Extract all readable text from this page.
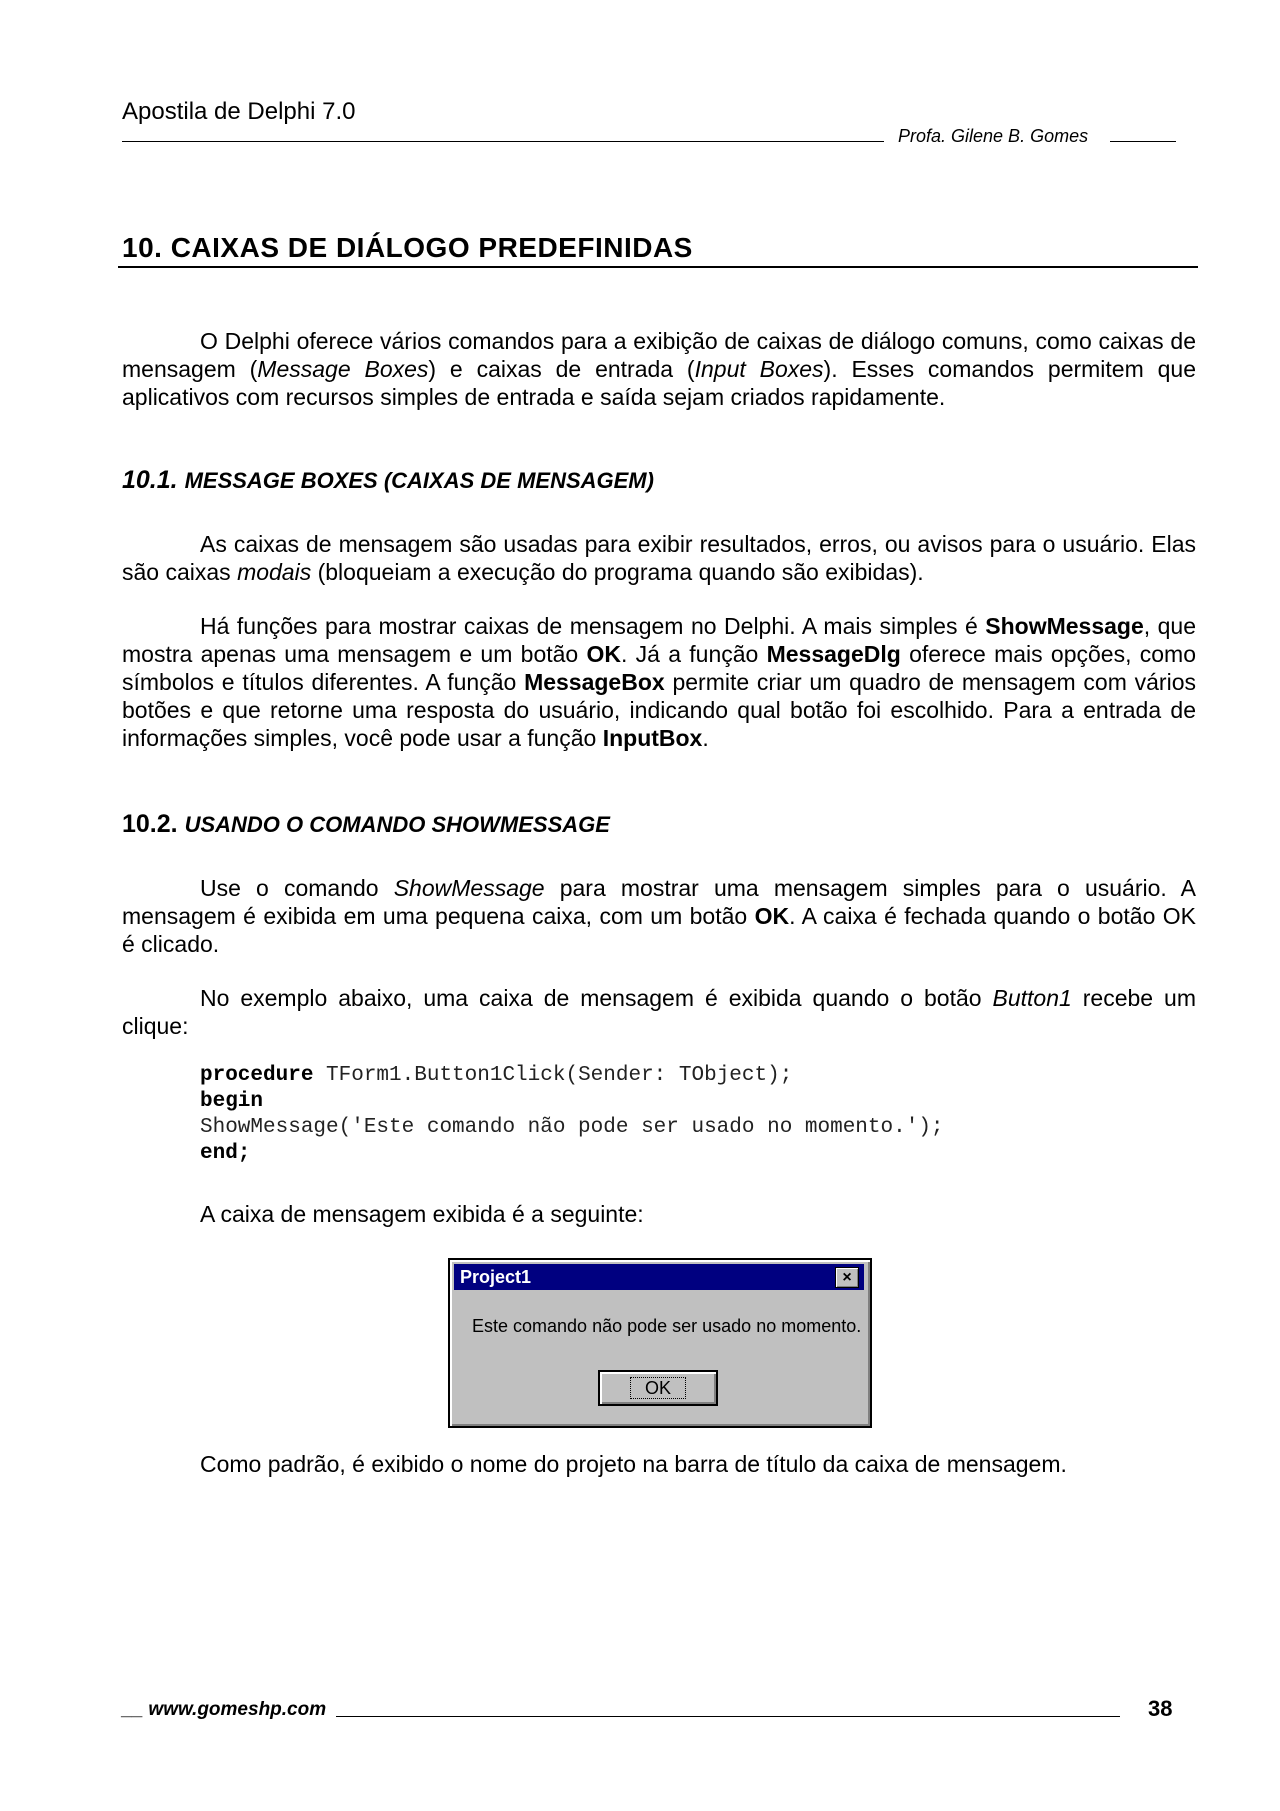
Apostila de Delphi 7.0
Profa. Gilene B. Gomes
10. CAIXAS DE DIÁLOGO PREDEFINIDAS
O Delphi oferece vários comandos para a exibição de caixas de diálogo comuns, como caixas de mensagem (Message Boxes) e caixas de entrada (Input Boxes). Esses comandos permitem que aplicativos com recursos simples de entrada e saída sejam criados rapidamente.
10.1. MESSAGE BOXES (CAIXAS DE MENSAGEM)
As caixas de mensagem são usadas para exibir resultados, erros, ou avisos para o usuário. Elas são caixas modais (bloqueiam a execução do programa quando são exibidas).
Há funções para mostrar caixas de mensagem no Delphi. A mais simples é ShowMessage, que mostra apenas uma mensagem e um botão OK. Já a função MessageDlg oferece mais opções, como símbolos e títulos diferentes. A função MessageBox permite criar um quadro de mensagem com vários botões e que retorne uma resposta do usuário, indicando qual botão foi escolhido. Para a entrada de informações simples, você pode usar a função InputBox.
10.2. USANDO O COMANDO SHOWMESSAGE
Use o comando ShowMessage para mostrar uma mensagem simples para o usuário. A mensagem é exibida em uma pequena caixa, com um botão OK. A caixa é fechada quando o botão OK é clicado.
No exemplo abaixo, uma caixa de mensagem é exibida quando o botão Button1 recebe um clique:
procedure TForm1.Button1Click(Sender: TObject);
begin
ShowMessage('Este comando não pode ser usado no momento.');
end;
A caixa de mensagem exibida é a seguinte:
Project1	×
Este comando não pode ser usado no momento.
OK
Como padrão, é exibido o nome do projeto na barra de título da caixa de mensagem.
__ www.gomeshp.com	38
